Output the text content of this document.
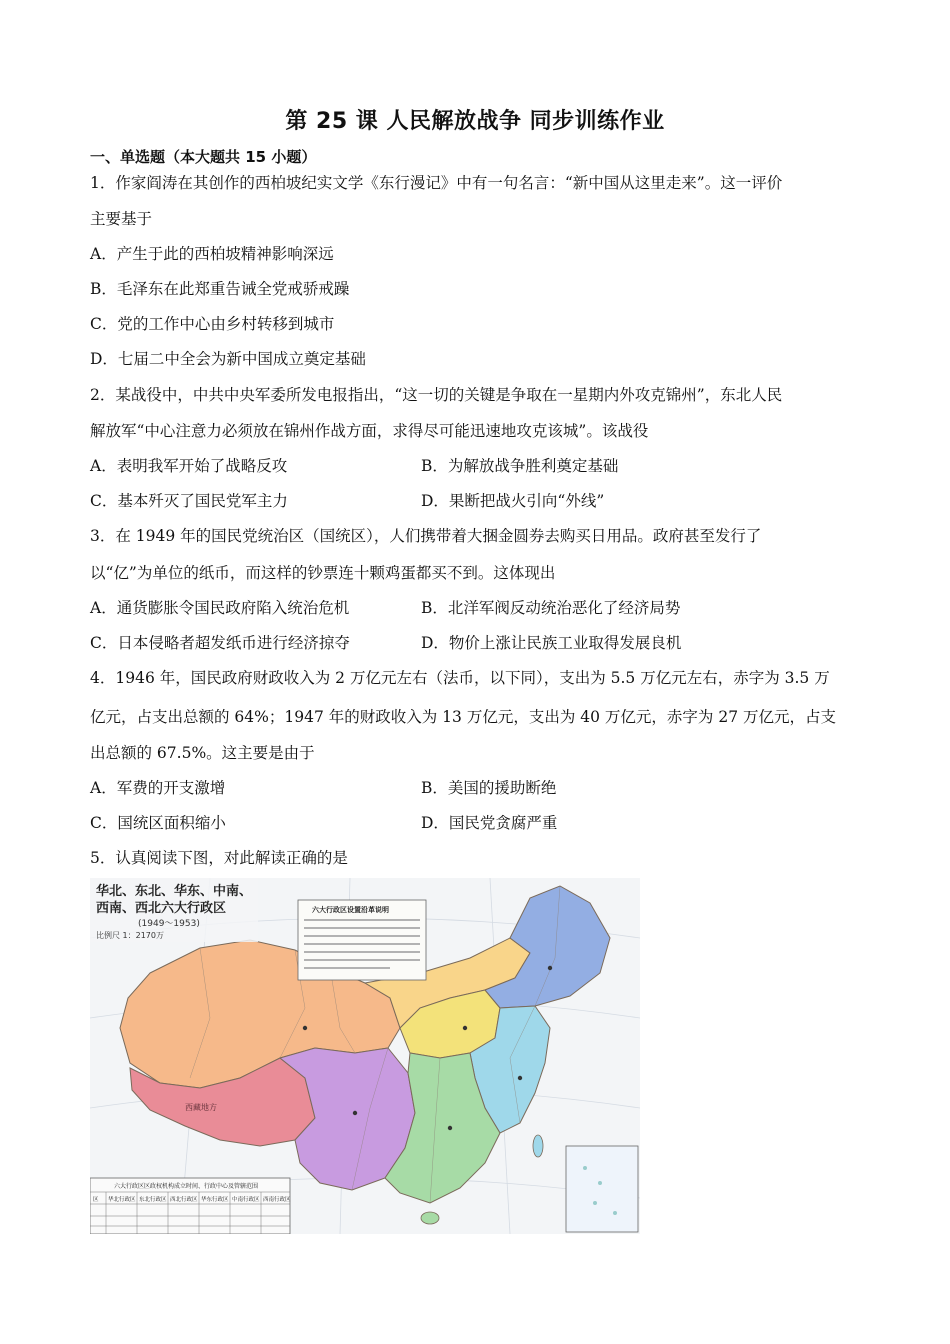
第 25 课 人民解放战争 同步训练作业
一、单选题（本大题共 15 小题）
1．作家阎涛在其创作的西柏坡纪实文学《东行漫记》中有一句名言：“新中国从这里走来”。这一评价
主要基于
A．产生于此的西柏坡精神影响深远
B．毛泽东在此郑重告诫全党戒骄戒躁
C．党的工作中心由乡村转移到城市
D．七届二中全会为新中国成立奠定基础
2．某战役中，中共中央军委所发电报指出，“这一切的关键是争取在一星期内外攻克锦州”，东北人民
解放军“中心注意力必须放在锦州作战方面，求得尽可能迅速地攻克该城”。该战役
A．表明我军开始了战略反攻	B．为解放战争胜利奠定基础
C．基本歼灭了国民党军主力	D．果断把战火引向“外线”
3．在 1949 年的国民党统治区（国统区），人们携带着大捆金圆券去购买日用品。政府甚至发行了
以“亿”为单位的纸币，而这样的钞票连十颗鸡蛋都买不到。这体现出
A．通货膨胀令国民政府陷入统治危机	B．北洋军阀反动统治恶化了经济局势
C．日本侵略者超发纸币进行经济掠夺	D．物价上涨让民族工业取得发展良机
4．1946 年，国民政府财政收入为 2 万亿元左右（法币，以下同），支出为 5.5 万亿元左右，赤字为 3.5 万
亿元，占支出总额的 64%；1947 年的财政收入为 13 万亿元，支出为 40 万亿元，赤字为 27 万亿元，占支
出总额的 67.5%。这主要是由于
A．军费的开支激增	B．美国的援助断绝
C．国统区面积缩小	D．国民党贪腐严重
5．认真阅读下图，对此解读正确的是
华北、东北、华东、中南、
西南、西北六大行政区
(1949～1953)
比例尺 1：2170万
六大行政区设置沿革说明
西藏地方
六大行政区区政权机构成立时间、行政中心及管辖范围
区 华北行政区 东北行政区 西北行政区 华东行政区 中南行政区 西南行政区
